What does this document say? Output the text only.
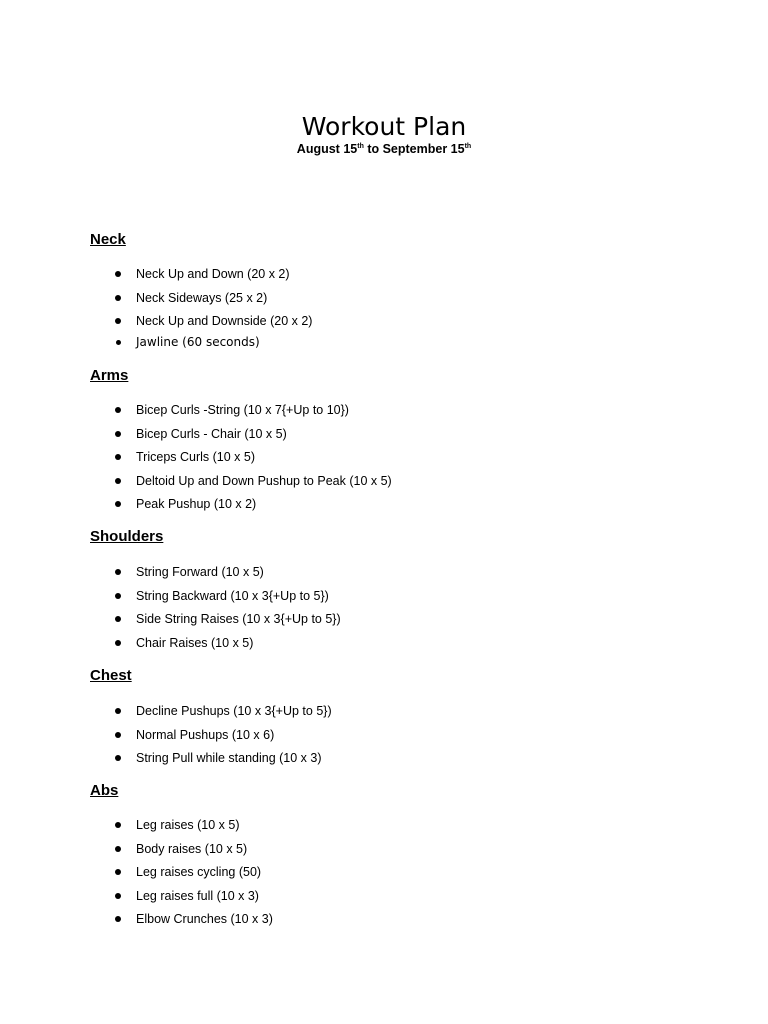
Workout Plan
August 15th to September 15th
Neck
Neck Up and Down (20 x 2)
Neck Sideways (25 x 2)
Neck Up and Downside (20 x 2)
Jawline (60 seconds)
Arms
Bicep Curls -String (10 x 7{+Up to 10})
Bicep Curls - Chair (10 x 5)
Triceps Curls (10 x 5)
Deltoid Up and Down Pushup to Peak (10 x 5)
Peak Pushup (10 x 2)
Shoulders
String Forward (10 x 5)
String Backward (10 x 3{+Up to 5})
Side String Raises (10 x 3{+Up to 5})
Chair Raises (10 x 5)
Chest
Decline Pushups (10 x 3{+Up to 5})
Normal Pushups (10 x 6)
String Pull while standing (10 x 3)
Abs
Leg raises (10 x 5)
Body raises (10 x 5)
Leg raises cycling (50)
Leg raises full (10 x 3)
Elbow Crunches (10 x 3)
